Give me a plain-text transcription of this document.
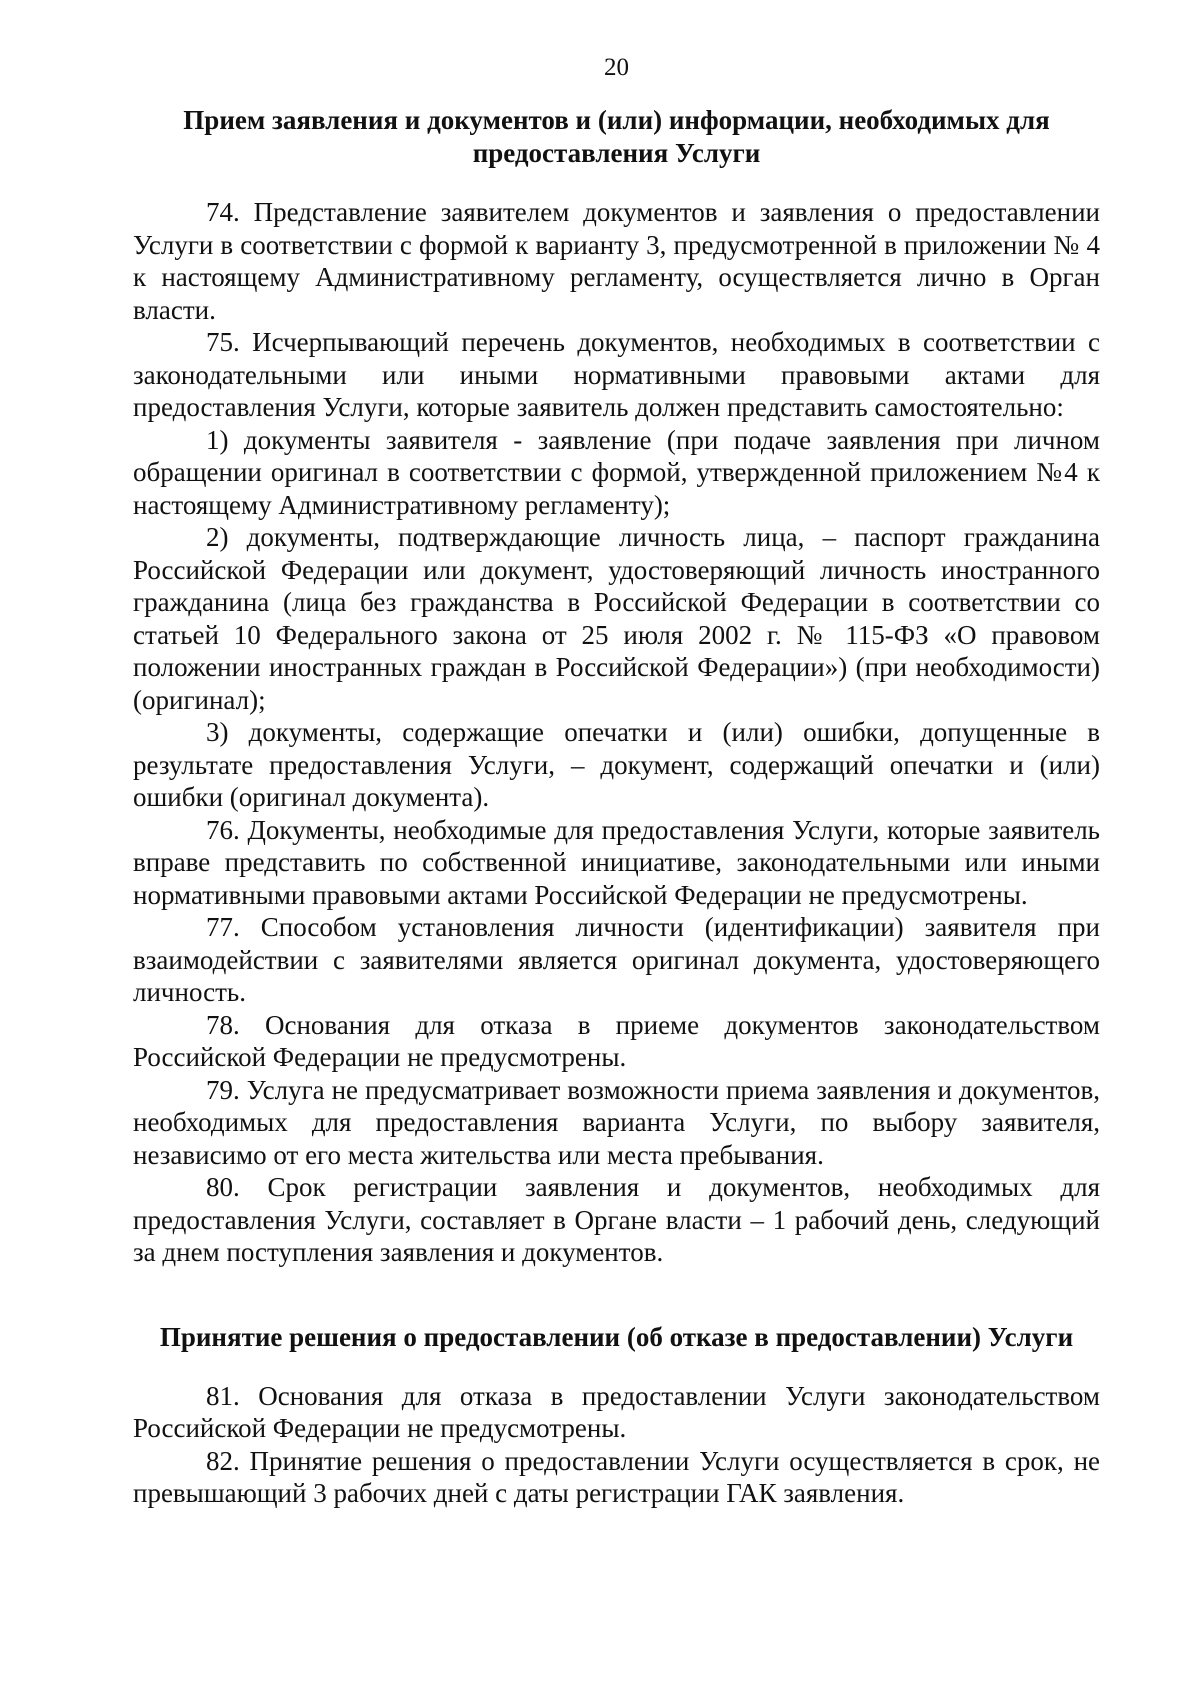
20
Прием заявления и документов и (или) информации, необходимых для предоставления Услуги

74. Представление заявителем документов и заявления о предоставлении Услуги в соответствии с формой к варианту 3, предусмотренной в приложении № 4 к настоящему Административному регламенту, осуществляется лично в Орган власти.

75. Исчерпывающий перечень документов, необходимых в соответствии с законодательными или иными нормативными правовыми актами для предоставления Услуги, которые заявитель должен представить самостоятельно:

1) документы заявителя - заявление (при подаче заявления при личном обращении оригинал в соответствии с формой, утвержденной приложением №4 к настоящему Административному регламенту);

2) документы, подтверждающие личность лица, – паспорт гражданина Российской Федерации или документ, удостоверяющий личность иностранного гражданина (лица без гражданства в Российской Федерации в соответствии со статьей 10 Федерального закона от 25 июля 2002 г. № 115-ФЗ «О правовом положении иностранных граждан в Российской Федерации») (при необходимости) (оригинал);

3) документы, содержащие опечатки и (или) ошибки, допущенные в результате предоставления Услуги, – документ, содержащий опечатки и (или) ошибки (оригинал документа).

76. Документы, необходимые для предоставления Услуги, которые заявитель вправе представить по собственной инициативе, законодательными или иными нормативными правовыми актами Российской Федерации не предусмотрены.

77. Способом установления личности (идентификации) заявителя при взаимодействии с заявителями является оригинал документа, удостоверяющего личность.

78. Основания для отказа в приеме документов законодательством Российской Федерации не предусмотрены.

79. Услуга не предусматривает возможности приема заявления и документов, необходимых для предоставления варианта Услуги, по выбору заявителя, независимо от его места жительства или места пребывания.

80. Срок регистрации заявления и документов, необходимых для предоставления Услуги, составляет в Органе власти – 1 рабочий день, следующий за днем поступления заявления и документов.

Принятие решения о предоставлении (об отказе в предоставлении) Услуги

81. Основания для отказа в предоставлении Услуги законодательством Российской Федерации не предусмотрены.

82. Принятие решения о предоставлении Услуги осуществляется в срок, не превышающий 3 рабочих дней с даты регистрации ГАК заявления.
